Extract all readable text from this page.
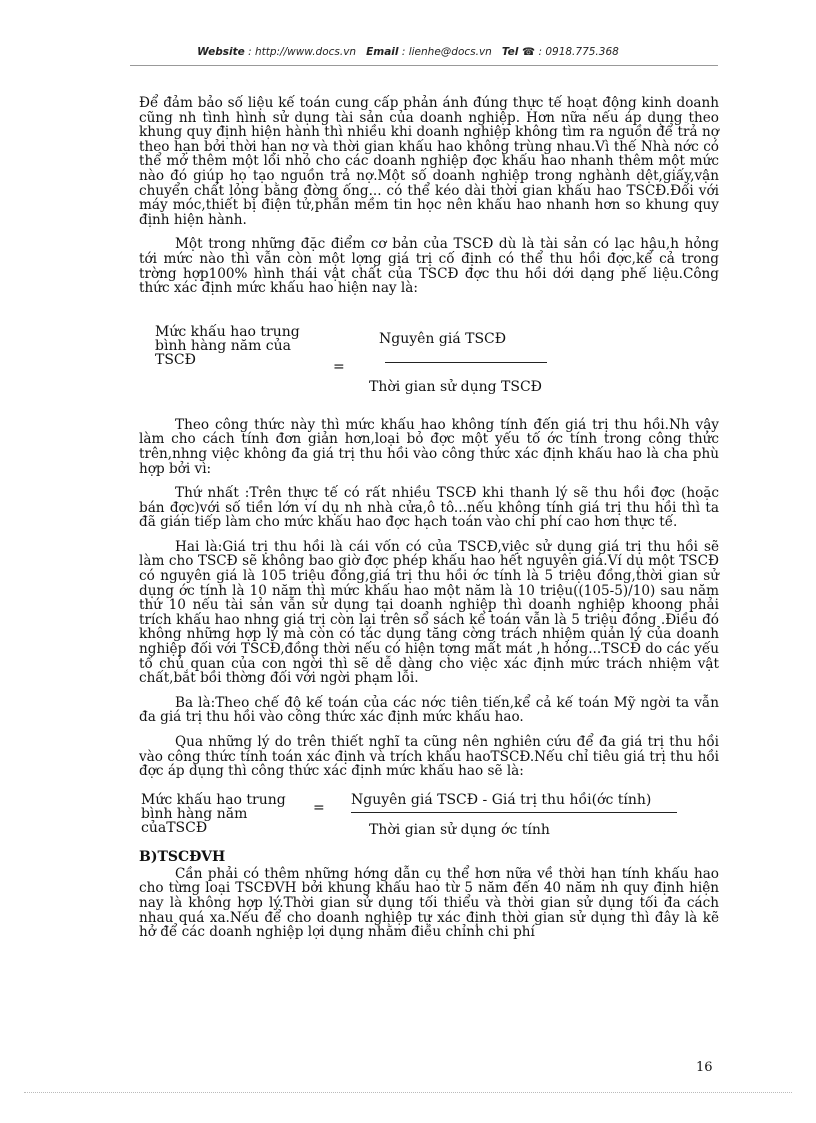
Website : http://www.docs.vn Email : lienhe@docs.vn Tel ☎ : 0918.775.368

Để đảm bảo số liệu kế toán cung cấp phản ánh đúng thực tế hoạt động kinh doanh cũng nh tình hình sử dụng tài sản của doanh nghiệp. Hơn nữa nếu áp dụng theo khung quy định hiện hành thì nhiều khi doanh nghiệp không tìm ra nguồn để trả nợ theo hạn bởi thời hạn nợ và thời gian khấu hao không trùng nhau.Vì thế Nhà nớc có thể mở thêm một lối nhỏ cho các doanh nghiệp đợc khấu hao nhanh thêm một mức nào đó giúp họ tạo nguồn trả nợ.Một số doanh nghiệp trong nghành dệt,giấy,vận chuyển chất lỏng bằng đờng ống... có thể kéo dài thời gian khấu hao TSCĐ.Đối với máy móc,thiết bị điện tử,phần mềm tin học nên khấu hao nhanh hơn so khung quy định hiện hành.

Một trong những đặc điểm cơ bản của TSCĐ dù là tài sản có lạc hậu,h hỏng tới mức nào thì vẫn còn một lợng giá trị cố định có thể thu hồi đợc,kể cả trong trờng hợp100% hình thái vật chất của TSCĐ đợc thu hồi dới dạng phế liệu.Công thức xác định mức khấu hao hiện nay là:

Mức khấu hao trung bình hàng năm của TSCĐ	=
Nguyên giá TSCĐ
Thời gian sử dụng TSCĐ

Theo công thức này thì mức khấu hao không tính đến giá trị thu hồi.Nh vậy làm cho cách tính đơn giản hơn,loại bỏ đợc một yếu tố ớc tính trong công thức trên,nhng việc không đa giá trị thu hồi vào công thức xác định khấu hao là cha phù hợp bởi vì:

Thứ nhất :Trên thực tế có rất nhiều TSCĐ khi thanh lý sẽ thu hồi đợc (hoặc bán đợc)với số tiền lớn ví dụ nh nhà cửa,ô tô...nếu không tính giá trị thu hồi thì ta đã gián tiếp làm cho mức khấu hao đợc hạch toán vào chi phí cao hơn thực tế.

Hai là:Giá trị thu hồi là cái vốn có của TSCĐ,việc sử dụng giá trị thu hồi sẽ làm cho TSCĐ sẽ không bao giờ đợc phép khấu hao hết nguyên giá.Ví dụ một TSCĐ có nguyên giá là 105 triệu đồng,giá trị thu hồi ớc tính là 5 triệu đồng,thời gian sử dụng ớc tính là 10 năm thì mức khấu hao một năm là 10 triệu((105-5)/10) sau năm thứ 10 nếu tài sản vẫn sử dụng tại doanh nghiệp thì doanh nghiệp khoong phải trích khấu hao nhng giá trị còn lại trên sổ sách kế toán vẫn là 5 triệu đồng .Điều đó không những hợp lý mà còn có tác dụng tăng cờng trách nhiệm quản lý của doanh nghiệp đối với TSCĐ,đồng thời nếu có hiện tợng mất mát ,h hỏng...TSCĐ do các yếu tố chủ quan của con ngời thì sẽ dễ dàng cho việc xác định mức trách nhiệm vật chất,bắt bồi thờng đối với ngời phạm lỗi.

Ba là:Theo chế độ kế toán của các nớc tiên tiến,kể cả kế toán Mỹ ngời ta vẫn đa giá trị thu hồi vào công thức xác định mức khấu hao.

Qua những lý do trên thiết nghĩ ta cũng nên nghiên cứu để đa giá trị thu hồi vào công thức tính toán xác định và trích khấu haoTSCĐ.Nếu chỉ tiêu giá trị thu hồi đợc áp dụng thì công thức xác định mức khấu hao sẽ là:

Mức khấu hao trung bình hàng năm củaTSCĐ
= Nguyên giá TSCĐ - Giá trị thu hồi(ớc tính)
Thời gian sử dụng ớc tính
B)TSCĐVH

Cần phải có thêm những hớng dẫn cụ thể hơn nữa về thời hạn tính khấu hao cho từng loại TSCĐVH bởi khung khấu hao từ 5 năm đến 40 năm nh quy định hiện nay là không hợp lý.Thời gian sử dụng tối thiểu và thời gian sử dụng tối đa cách nhau quá xa.Nếu để cho doanh nghiệp tự xác định thời gian sử dụng thì đây là kẽ hở để các doanh nghiệp lợi dụng nhằm điều chỉnh chi phí

16
